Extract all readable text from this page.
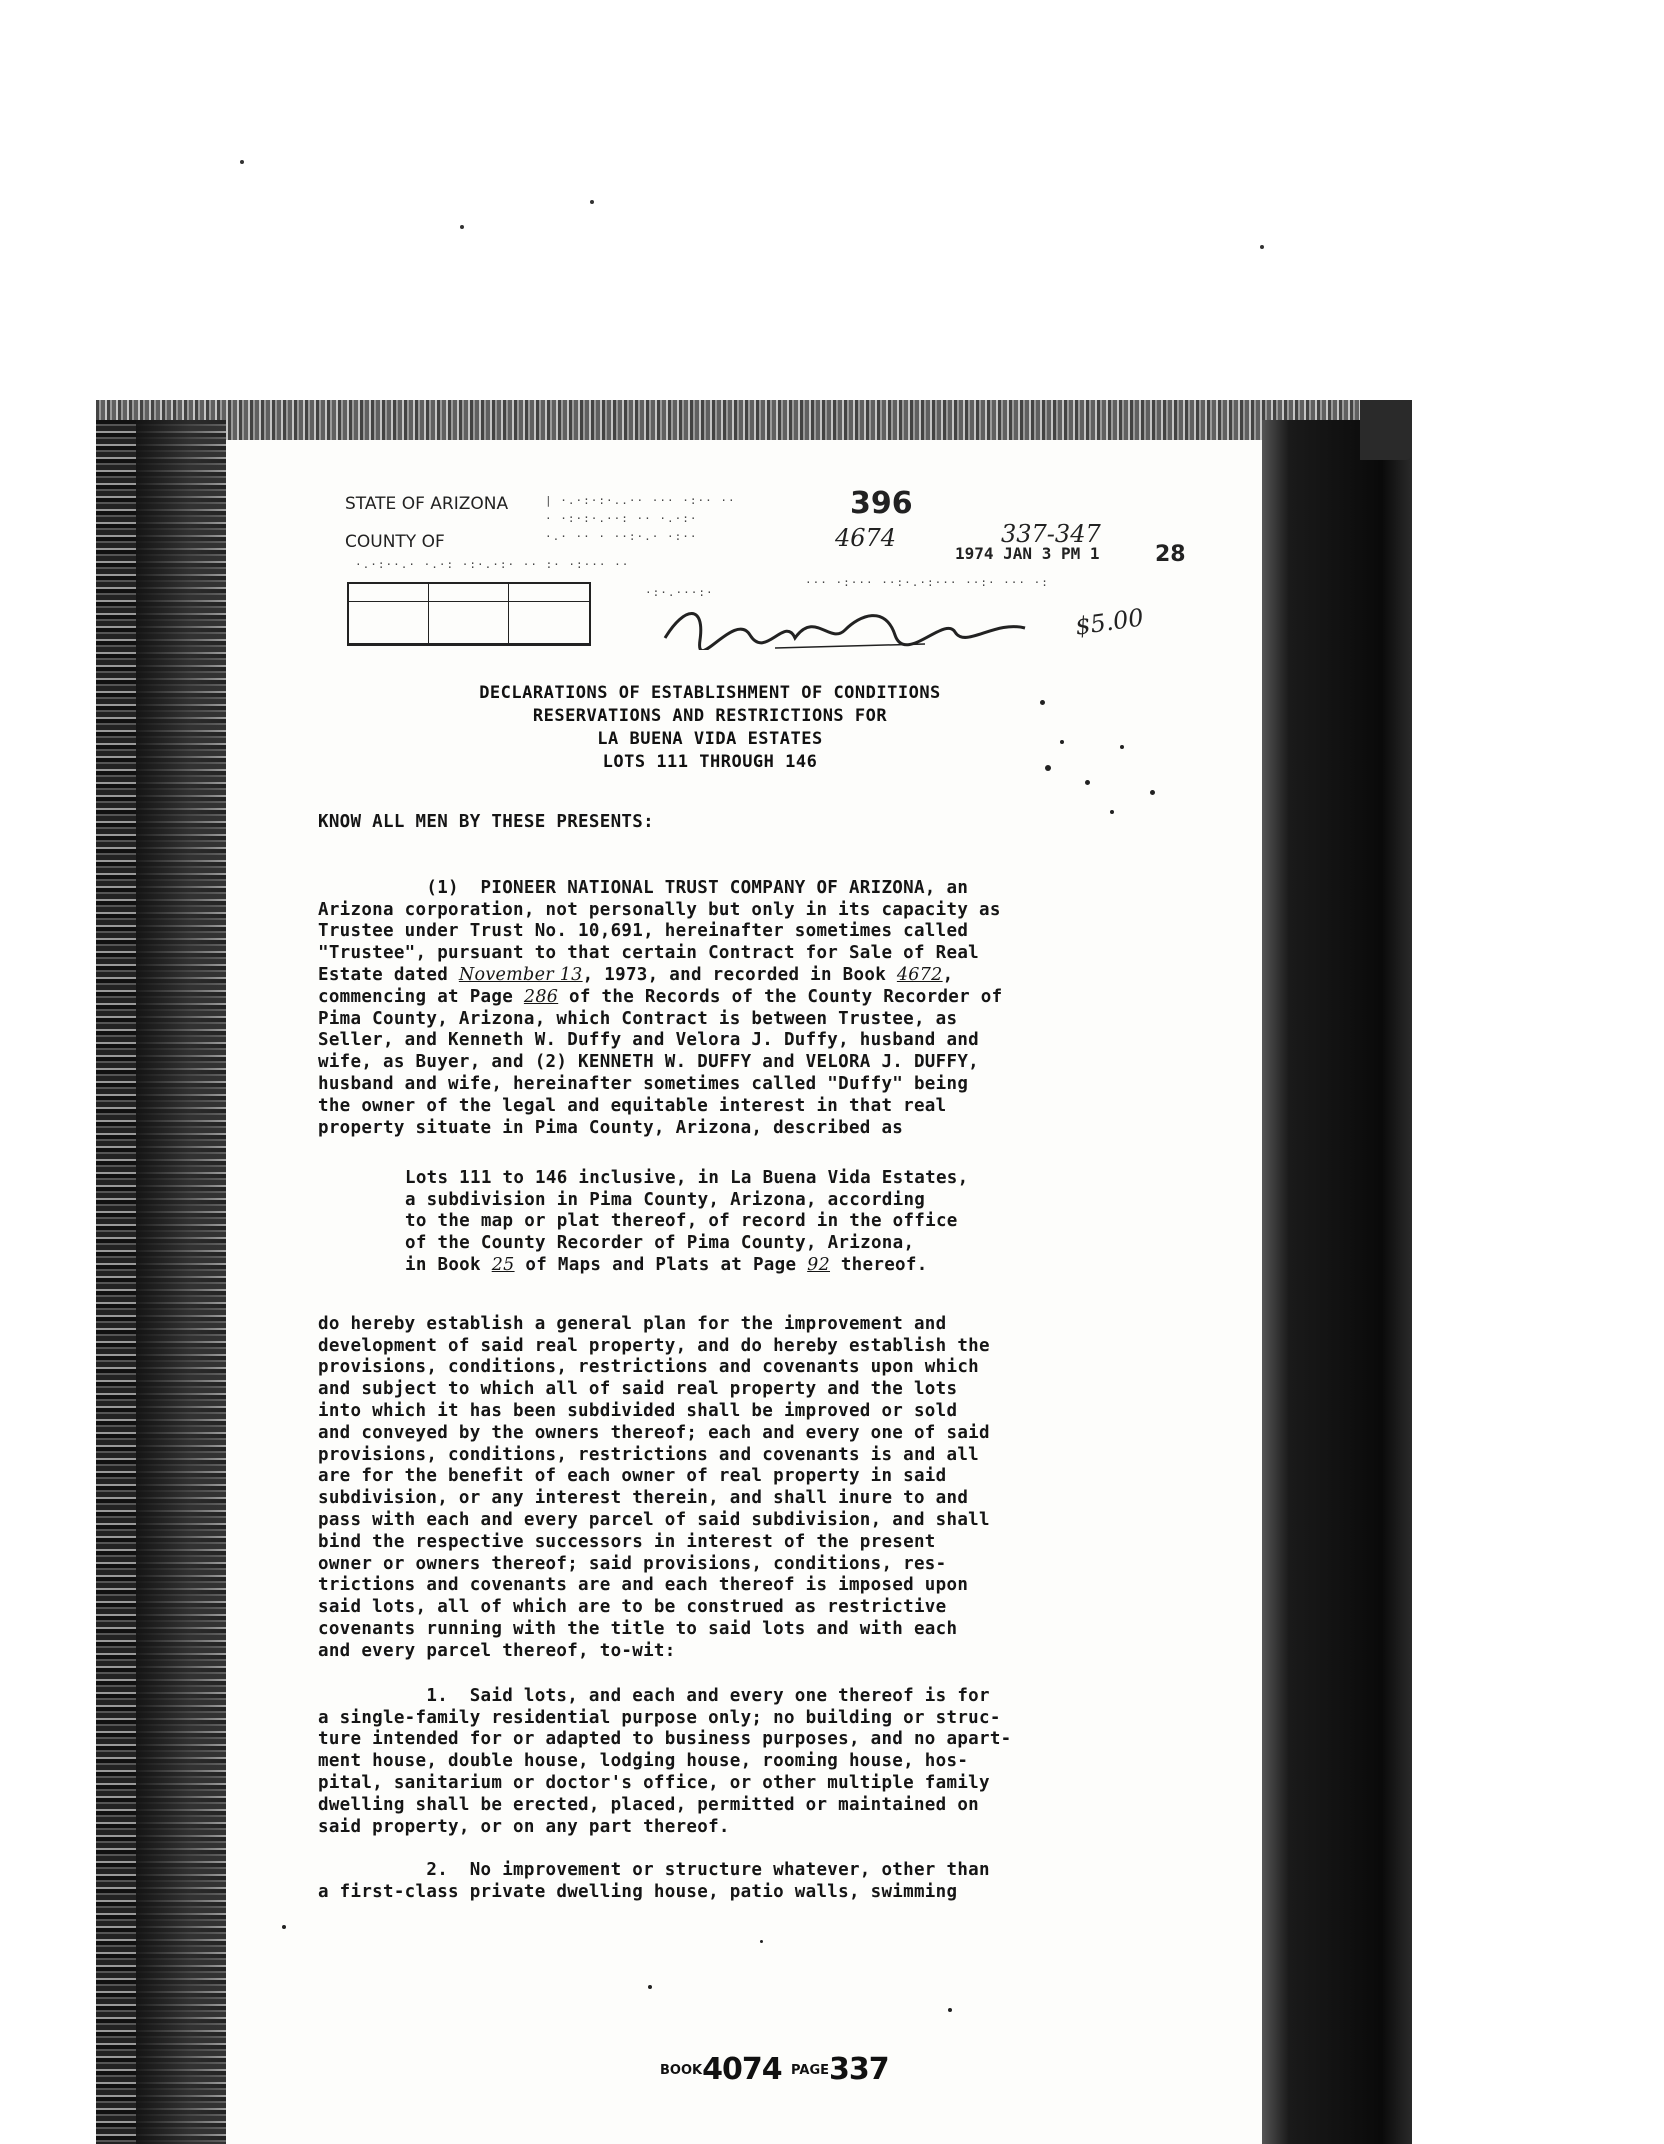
STATE OF ARIZONA
COUNTY OF
| ·.·:·:·..·· ··· ·:·· ··
· ·:·:·.··: ·· ·.·:·
·.· ·· · ··:·.· ·:··
·.·:··.· ·.·: ·:·.·:· ·· :· ·:··· ··
396
4674	337-347
1974 JAN 3 PM 1	28
·:·.···:·
··· ·:··· ··:·.·:··· ··:· ··· ·:
$5.00
DECLARATIONS OF ESTABLISHMENT OF CONDITIONS
RESERVATIONS AND RESTRICTIONS FOR
LA BUENA VIDA ESTATES
LOTS 111 THROUGH 146
KNOW ALL MEN BY THESE PRESENTS:

(1)  PIONEER NATIONAL TRUST COMPANY OF ARIZONA, an
Arizona corporation, not personally but only in its capacity as
Trustee under Trust No. 10,691, hereinafter sometimes called
"Trustee", pursuant to that certain Contract for Sale of Real
Estate dated November 13, 1973, and recorded in Book 4672,
commencing at Page 286 of the Records of the County Recorder of
Pima County, Arizona, which Contract is between Trustee, as
Seller, and Kenneth W. Duffy and Velora J. Duffy, husband and
wife, as Buyer, and (2) KENNETH W. DUFFY and VELORA J. DUFFY,
husband and wife, hereinafter sometimes called "Duffy" being
the owner of the legal and equitable interest in that real
property situate in Pima County, Arizona, described as

Lots 111 to 146 inclusive, in La Buena Vida Estates,
a subdivision in Pima County, Arizona, according
to the map or plat thereof, of record in the office
of the County Recorder of Pima County, Arizona,
in Book 25 of Maps and Plats at Page 92 thereof.

do hereby establish a general plan for the improvement and
development of said real property, and do hereby establish the
provisions, conditions, restrictions and covenants upon which
and subject to which all of said real property and the lots
into which it has been subdivided shall be improved or sold
and conveyed by the owners thereof; each and every one of said
provisions, conditions, restrictions and covenants is and all
are for the benefit of each owner of real property in said
subdivision, or any interest therein, and shall inure to and
pass with each and every parcel of said subdivision, and shall
bind the respective successors in interest of the present
owner or owners thereof; said provisions, conditions, res-
trictions and covenants are and each thereof is imposed upon
said lots, all of which are to be construed as restrictive
covenants running with the title to said lots and with each
and every parcel thereof, to-wit:

1.  Said lots, and each and every one thereof is for
a single-family residential purpose only; no building or struc-
ture intended for or adapted to business purposes, and no apart-
ment house, double house, lodging house, rooming house, hos-
pital, sanitarium or doctor's office, or other multiple family
dwelling shall be erected, placed, permitted or maintained on
said property, or on any part thereof.

2.  No improvement or structure whatever, other than
a first-class private dwelling house, patio walls, swimming

BOOK4074 PAGE337
